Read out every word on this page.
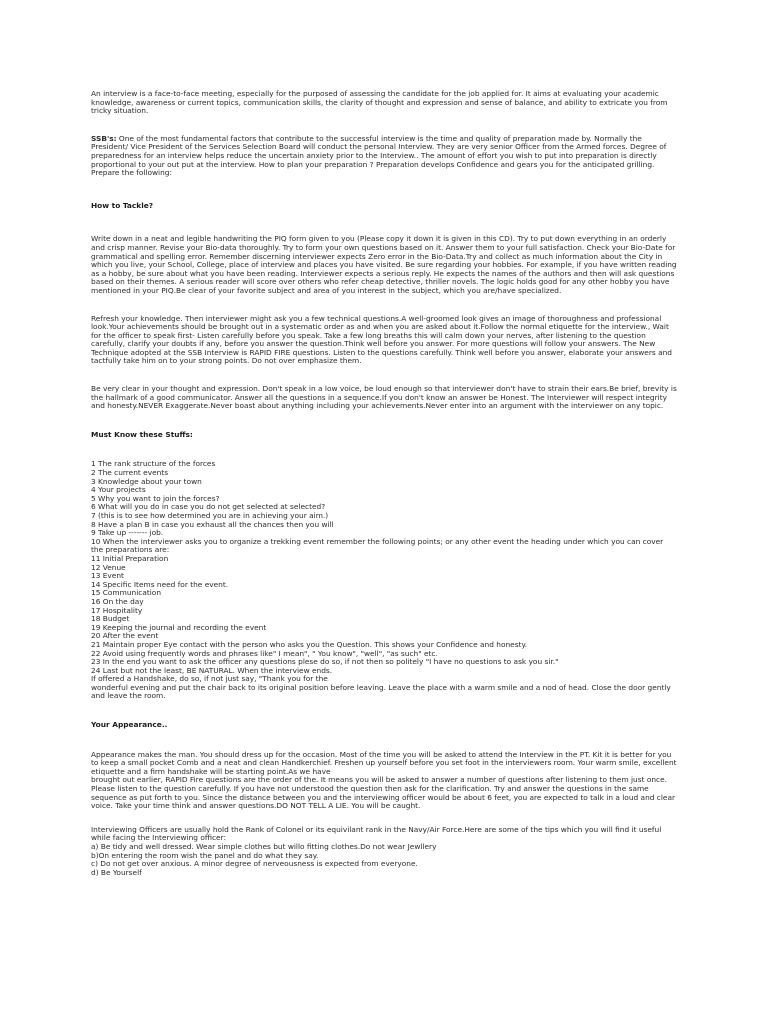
An interview is a face-to-face meeting, especially for the purposed of assessing the candidate for the job applied for. It aims at evaluating your academic knowledge, awareness or current topics, communication skills, the clarity of thought and expression and sense of balance, and ability to extricate you from tricky situation.

SSB's: One of the most fundamental factors that contribute to the successful interview is the time and quality of preparation made by. Normally the President/ Vice President of the Services Selection Board will conduct the personal Interview. They are very senior Officer from the Armed forces. Degree of preparedness for an interview helps reduce the uncertain anxiety prior to the Interview.. The amount of effort you wish to put into preparation is directly proportional to your out put at the interview. How to plan your preparation ? Preparation develops Confidence and gears you for the anticipated grilling. Prepare the following:

How to Tackle?

Write down in a neat and legible handwriting the PIQ form given to you (Please copy it down it is given in this CD). Try to put down everything in an orderly and crisp manner. Revise your Bio-data thoroughly. Try to form your own questions based on it. Answer them to your full satisfaction. Check your Bio-Date for grammatical and spelling error. Remember discerning interviewer expects Zero error in the Bio-Data.Try and collect as much information about the City in which you live, your School, College, place of interview and places you have visited. Be sure regarding your hobbies. For example, if you have written reading as a hobby, be sure about what you have been reading. Interviewer expects a serious reply. He expects the names of the authors and then will ask questions based on their themes. A serious reader will score over others who refer cheap detective, thriller novels. The logic holds good for any other hobby you have mentioned in your PIQ.Be clear of your favorite subject and area of you interest in the subject, which you are/have specialized.

Refresh your knowledge. Then interviewer might ask you a few technical questions.A well-groomed look gives an image of thoroughness and professional look.Your achievements should be brought out in a systematic order as and when you are asked about it.Follow the normal etiquette for the interview., Wait for the officer to speak first- Listen carefully before you speak. Take a few long breaths this will calm down your nerves, after listening to the question carefully, clarify your doubts if any, before you answer the question.Think well before you answer. For more questions will follow your answers. The New Technique adopted at the SSB Interview is RAPID FIRE questions. Listen to the questions carefully. Think well before you answer, elaborate your answers and tactfully take him on to your strong points. Do not over emphasize them.

Be very clear in your thought and expression. Don't speak in a low voice, be loud enough so that interviewer don't have to strain their ears.Be brief, brevity is the hallmark of a good communicator. Answer all the questions in a sequence.If you don't know an answer be Honest. The Interviewer will respect integrity and honesty.NEVER Exaggerate.Never boast about anything including your achievements.Never enter into an argument with the interviewer on any topic.

Must Know these Stuffs:

1 The rank structure of the forces

2 The current events

3 Knowledge about your town

4 Your projects

5 Why you want to join the forces?

6 What will you do in case you do not get selected at selected?

7 (this is to see how determined you are in achieving your aim.)

8 Have a plan B in case you exhaust all the chances then you will

9 Take up ------- job.

10 When the interviewer asks you to organize a trekking event remember the following points; or any other event the heading under which you can cover the preparations are:

11 Initial Preparation

12 Venue

13 Event

14 Specific Items need for the event.

15 Communication

16 On the day

17 Hospitality

18 Budget

19 Keeping the journal and recording the event

20 After the event

21 Maintain proper Eye contact with the person who asks you the Question. This shows your Confidence and honesty.

22 Avoid using frequently words and phrases like" I mean", " You know", "well", "as such" etc.

23 In the end you want to ask the officer any questions plese do so, if not then so politely "I have no questions to ask you sir."

24 Last but not the least, BE NATURAL. When the interview ends.

If offered a Handshake, do so, if not just say, "Thank you for the

wonderful evening and put the chair back to its original position before leaving. Leave the place with a warm smile and a nod of head. Close the door gently and leave the room.

Your Appearance..

Appearance makes the man. You should dress up for the occasion. Most of the time you will be asked to attend the Interview in the PT. Kit it is better for you to keep a small pocket Comb and a neat and clean Handkerchief. Freshen up yourself before you set foot in the interviewers room. Your warm smile, excellent etiquette and a firm handshake will be starting point.As we have

brought out earlier, RAPID Fire questions are the order of the. It means you will be asked to answer a number of questions after listening to them just once. Please listen to the question carefully. If you have not understood the question then ask for the clarification. Try and answer the questions in the same sequence as put forth to you. Since the distance between you and the interviewing officer would be about 6 feet, you are expected to talk in a loud and clear voice. Take your time think and answer questions.DO NOT TELL A LIE. You will be caught.

Interviewing Officers are usually hold the Rank of Colonel or its equivilant rank in the Navy/Air Force.Here are some of the tips which you will find it useful while facing the Interviewing officer:

a) Be tidy and well dressed. Wear simple clothes but willo fitting clothes.Do not wear Jewllery

b)On entering the room wish the panel and do what they say.

c) Do not get over anxious. A minor degree of nerveousness is expected from everyone.

d) Be Yourself
